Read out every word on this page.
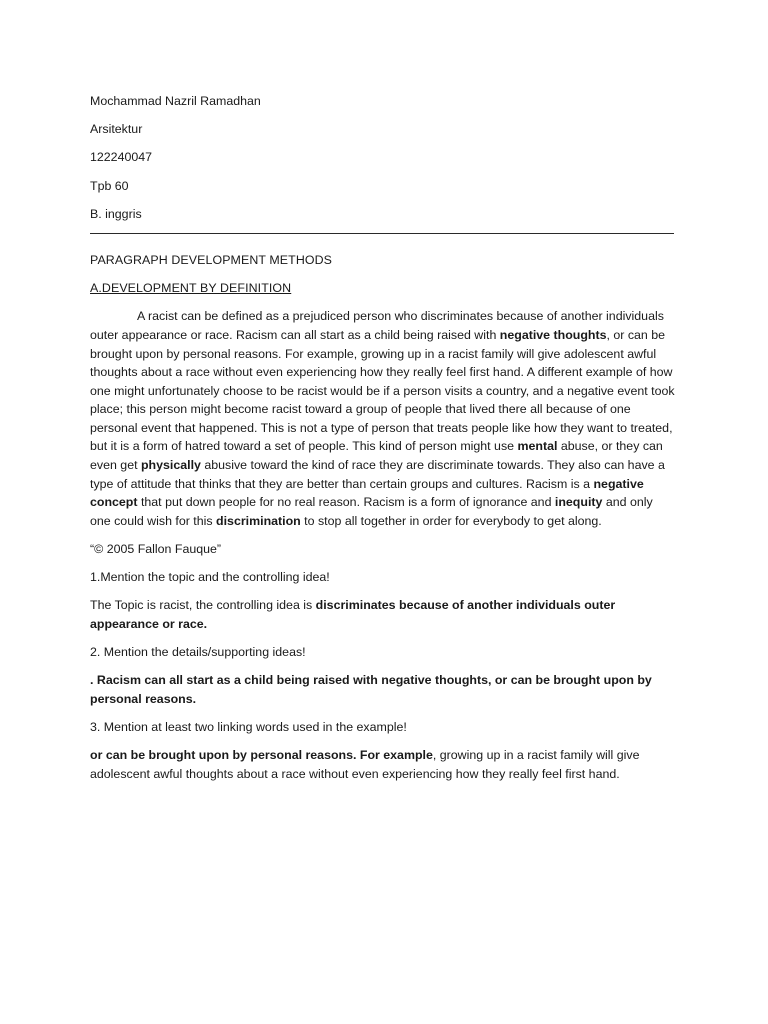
Mochammad Nazril Ramadhan
Arsitektur
122240047
Tpb 60
B. inggris
PARAGRAPH DEVELOPMENT METHODS
A.DEVELOPMENT BY DEFINITION

A racist can be defined as a prejudiced person who discriminates because of another individuals outer appearance or race. Racism can all start as a child being raised with negative thoughts, or can be brought upon by personal reasons. For example, growing up in a racist family will give adolescent awful thoughts about a race without even experiencing how they really feel first hand. A different example of how one might unfortunately choose to be racist would be if a person visits a country, and a negative event took place; this person might become racist toward a group of people that lived there all because of one personal event that happened. This is not a type of person that treats people like how they want to treated, but it is a form of hatred toward a set of people. This kind of person might use mental abuse, or they can even get physically abusive toward the kind of race they are discriminate towards. They also can have a type of attitude that thinks that they are better than certain groups and cultures. Racism is a negative concept that put down people for no real reason. Racism is a form of ignorance and inequity and only one could wish for this discrimination to stop all together in order for everybody to get along.

“© 2005 Fallon Fauque”

1.Mention the topic and the controlling idea!

The Topic is racist, the controlling idea is discriminates because of another individuals outer appearance or race.

2. Mention the details/supporting ideas!

. Racism can all start as a child being raised with negative thoughts, or can be brought upon by personal reasons.

3. Mention at least two linking words used in the example!

or can be brought upon by personal reasons. For example, growing up in a racist family will give adolescent awful thoughts about a race without even experiencing how they really feel first hand.
